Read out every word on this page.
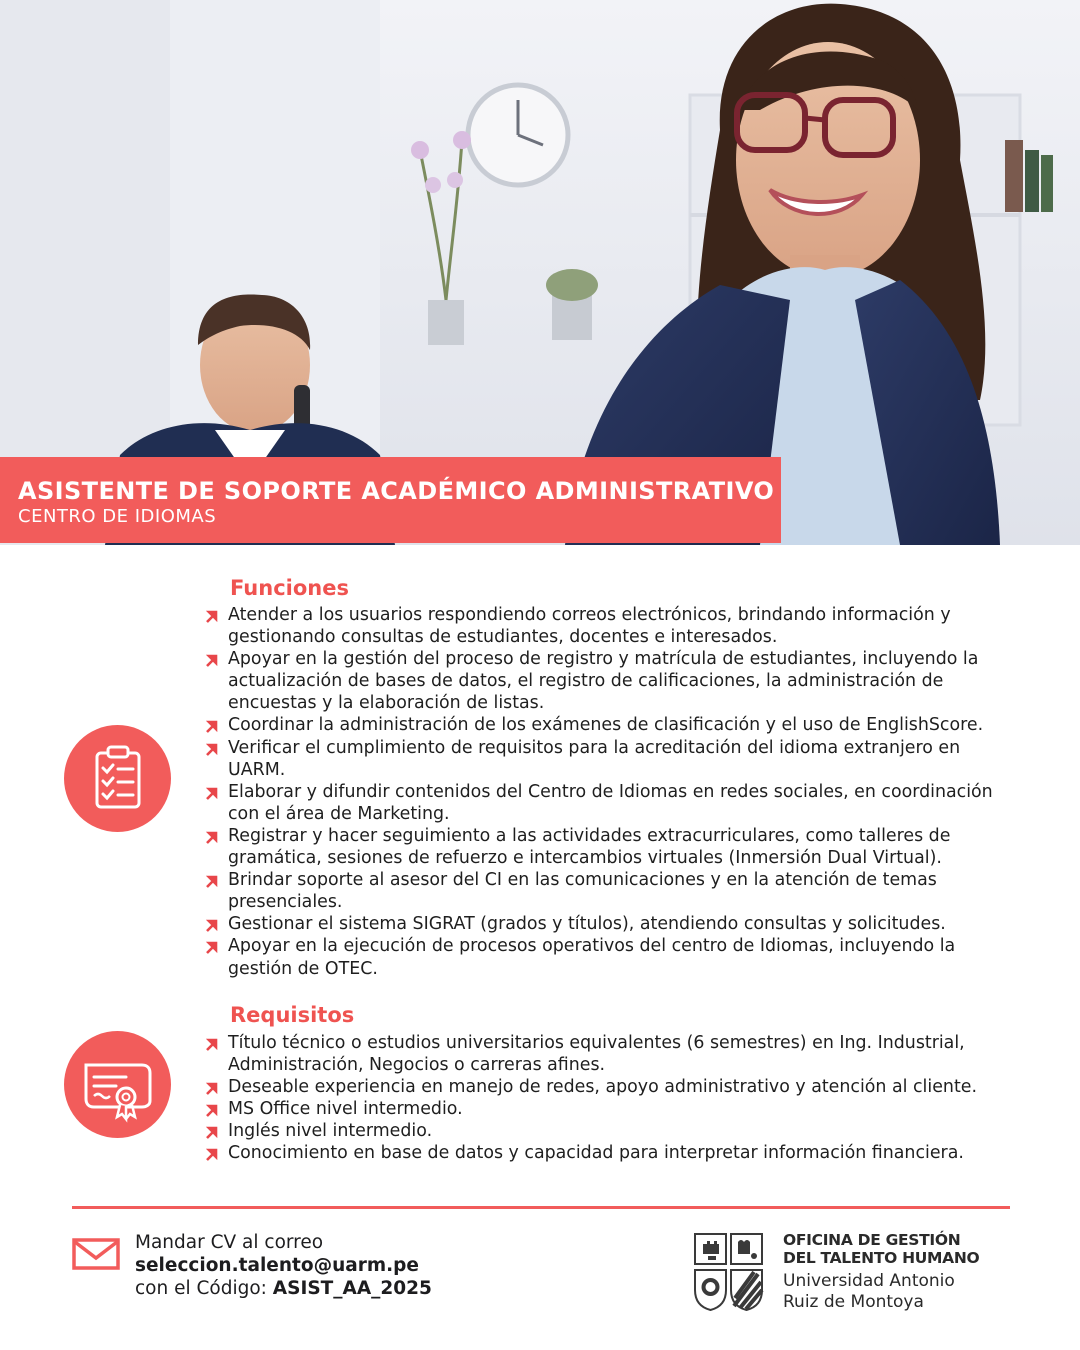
ASISTENTE DE SOPORTE ACADÉMICO ADMINISTRATIVO
CENTRO DE IDIOMAS
Funciones
Atender a los usuarios respondiendo correos electrónicos, brindando información y gestionando consultas de estudiantes, docentes e interesados.
Apoyar en la gestión del proceso de registro y matrícula de estudiantes, incluyendo la actualización de bases de datos, el registro de calificaciones, la administración de encuestas y la elaboración de listas.
Coordinar la administración de los exámenes de clasificación y el uso de EnglishScore.
Verificar el cumplimiento de requisitos para la acreditación del idioma extranjero en UARM.
Elaborar y difundir contenidos del Centro de Idiomas en redes sociales, en coordinación con el área de Marketing.
Registrar y hacer seguimiento a las actividades extracurriculares, como talleres de gramática, sesiones de refuerzo e intercambios virtuales (Inmersión Dual Virtual).
Brindar soporte al asesor del CI en las comunicaciones y en la atención de temas presenciales.
Gestionar el sistema SIGRAT (grados y títulos), atendiendo consultas y solicitudes.
Apoyar en la ejecución de procesos operativos del centro de Idiomas, incluyendo la gestión de OTEC.
Requisitos
Título técnico o estudios universitarios equivalentes (6 semestres) en Ing. Industrial, Administración, Negocios o carreras afines.
Deseable experiencia en manejo de redes, apoyo administrativo y atención al cliente.
MS Office nivel intermedio.
Inglés nivel intermedio.
Conocimiento en base de datos y capacidad para interpretar información financiera.
Mandar CV al correo
seleccion.talento@uarm.pe
con el Código: ASIST_AA_2025
OFICINA DE GESTIÓN
DEL TALENTO HUMANO
Universidad Antonio
Ruiz de Montoya
